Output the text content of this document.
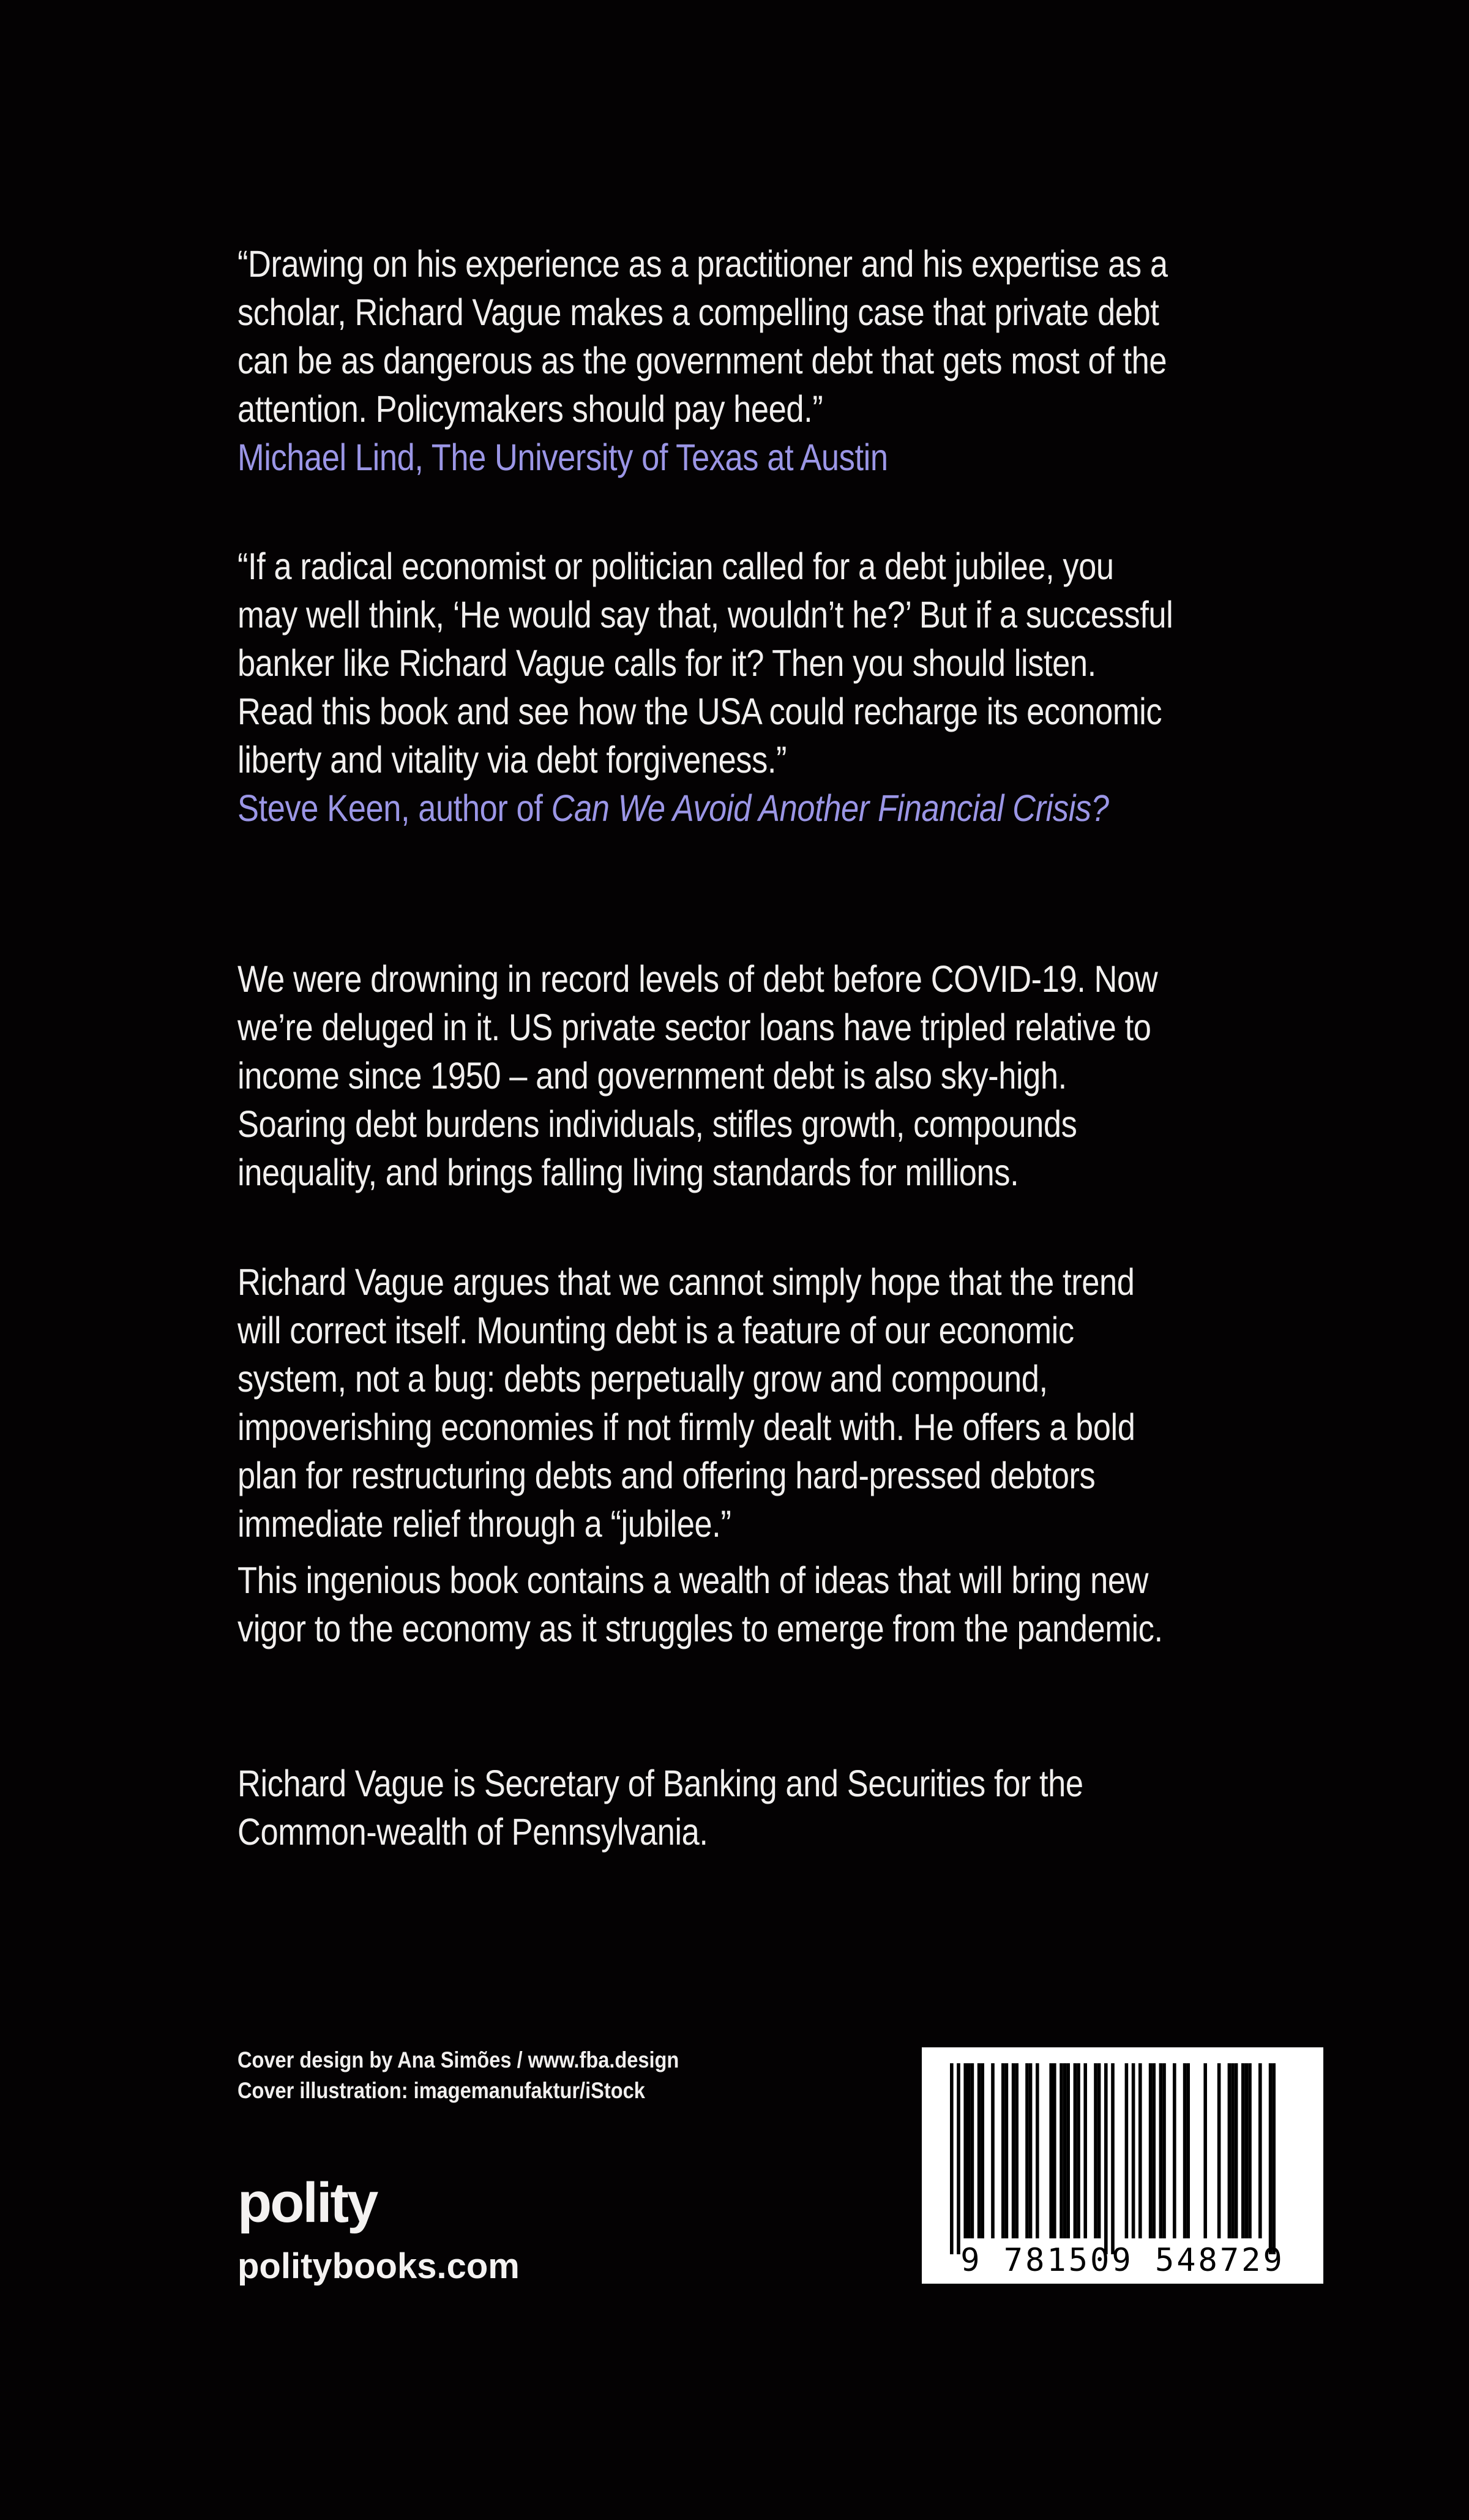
“Drawing on his experience as a practitioner and his expertise as a scholar, Richard Vague makes a compelling case that private debt can be as dangerous as the government debt that gets most of the attention. Policymakers should pay heed.”

Michael Lind, The University of Texas at Austin

“If a radical economist or politician called for a debt jubilee, you may well think, ‘He would say that, wouldn’t he?’ But if a successful banker like Richard Vague calls for it? Then you should listen. Read this book and see how the USA could recharge its economic liberty and vitality via debt forgiveness.”

Steve Keen, author of Can We Avoid Another Financial Crisis?

We were drowning in record levels of debt before COVID-19. Now we’re deluged in it. US private sector loans have tripled relative to income since 1950 – and government debt is also sky-high. Soaring debt burdens individuals, stifles growth, compounds inequality, and brings falling living standards for millions.

Richard Vague argues that we cannot simply hope that the trend will correct itself. Mounting debt is a feature of our economic system, not a bug: debts perpetually grow and compound, impoverishing economies if not firmly dealt with. He offers a bold plan for restructuring debts and offering hard-pressed debtors immediate relief through a “jubilee.”

This ingenious book contains a wealth of ideas that will bring new vigor to the economy as it struggles to emerge from the pandemic.

Richard Vague is Secretary of Banking and Securities for the Common-wealth of Pennsylvania.

Cover design by Ana Simões / www.fba.design
Cover illustration: imagemanufaktur/iStock
polity
politybooks.com	9 781509 548729
